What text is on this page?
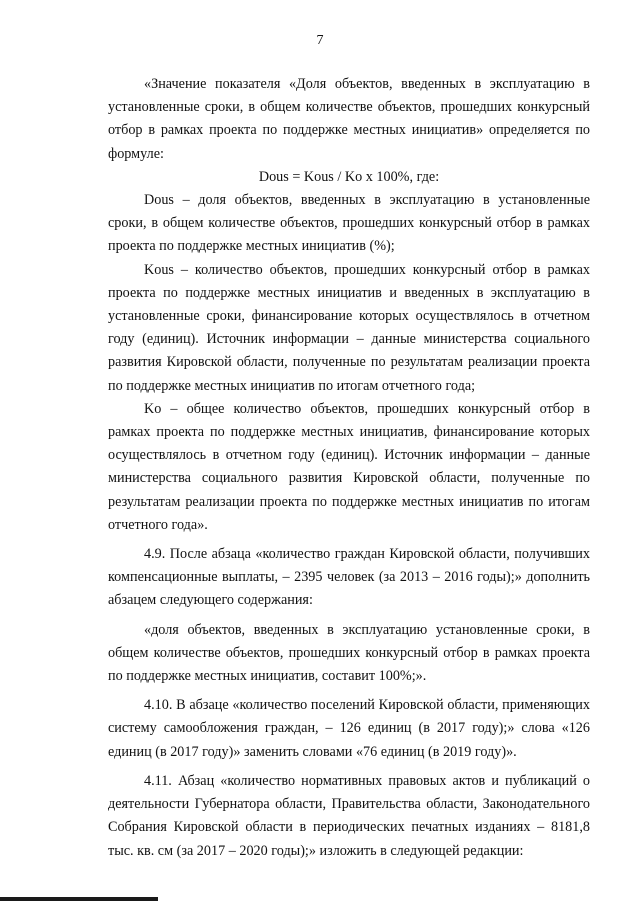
7

«Значение показателя «Доля объектов, введенных в эксплуатацию в установленные сроки, в общем количестве объектов, прошедших конкурсный отбор в рамках проекта по поддержке местных инициатив» определяется по формуле:

Dous = Kous / Ko x 100%, где:

Dous – доля объектов, введенных в эксплуатацию в установленные сроки, в общем количестве объектов, прошедших конкурсный отбор в рамках проекта по поддержке местных инициатив (%);

Kous – количество объектов, прошедших конкурсный отбор в рамках проекта по поддержке местных инициатив и введенных в эксплуатацию в установленные сроки, финансирование которых осуществлялось в отчетном году (единиц). Источник информации – данные министерства социального развития Кировской области, полученные по результатам реализации проекта по поддержке местных инициатив по итогам отчетного года;

Ko – общее количество объектов, прошедших конкурсный отбор в рамках проекта по поддержке местных инициатив, финансирование которых осуществлялось в отчетном году (единиц). Источник информации – данные министерства социального развития Кировской области, полученные по результатам реализации проекта по поддержке местных инициатив по итогам отчетного года».

4.9. После абзаца «количество граждан Кировской области, получивших компенсационные выплаты, – 2395 человек (за 2013 – 2016 годы);» дополнить абзацем следующего содержания:

«доля объектов, введенных в эксплуатацию установленные сроки, в общем количестве объектов, прошедших конкурсный отбор в рамках проекта по поддержке местных инициатив, составит 100%;».

4.10. В абзаце «количество поселений Кировской области, применяющих систему самообложения граждан, – 126 единиц (в 2017 году);» слова «126 единиц (в 2017 году)» заменить словами «76 единиц (в 2019 году)».

4.11. Абзац «количество нормативных правовых актов и публикаций о деятельности Губернатора области, Правительства области, Законодательного Собрания Кировской области в периодических печатных изданиях – 8181,8 тыс. кв. см (за 2017 – 2020 годы);» изложить в следующей редакции:
